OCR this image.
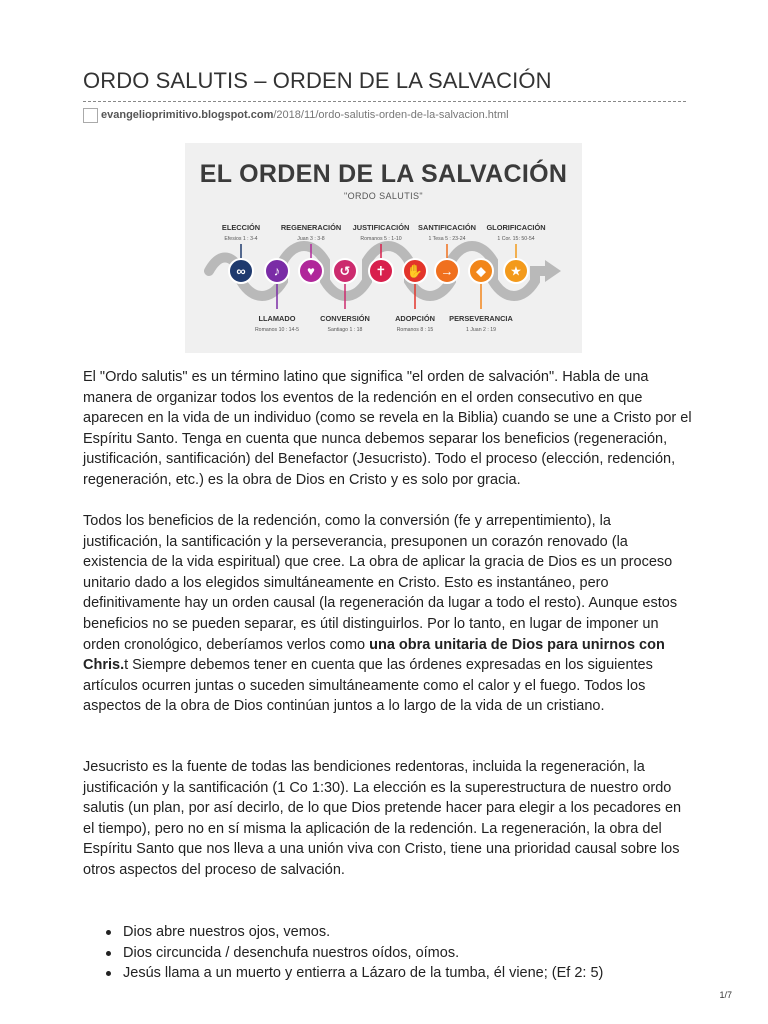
ORDO SALUTIS – ORDEN DE LA SALVACIÓN
evangelioprimitivo.blogspot.com /2018/11/ordo-salutis-orden-de-la-salvacion.html
EL ORDEN DE LA SALVACIÓN
"ORDO SALUTIS"
∞
ELECCIÓN
Efesios 1 : 3-4
♪
LLAMADO
Romanos 10 : 14-5
♥
REGENERACIÓN
Juan 3 : 3-8
↺
CONVERSIÓN
Santiago 1 : 18
✝
JUSTIFICACIÓN
Romanos 5 : 1-10
✋
ADOPCIÓN
Romanos 8 : 15
→
SANTIFICACIÓN
1 Tesa 5 : 23-24
◆
PERSEVERANCIA
1 Juan 2 : 19
★
GLORIFICACIÓN
1 Cor. 15: 50-54

El "Ordo salutis" es un término latino que significa "el orden de salvación". Habla de una manera de organizar todos los eventos de la redención en el orden consecutivo en que aparecen en la vida de un individuo (como se revela en la Biblia) cuando se une a Cristo por el Espíritu Santo. Tenga en cuenta que nunca debemos separar los beneficios (regeneración, justificación, santificación) del Benefactor (Jesucristo). Todo el proceso (elección, redención, regeneración, etc.) es la obra de Dios en Cristo y es solo por gracia.

Todos los beneficios de la redención, como la conversión (fe y arrepentimiento), la justificación, la santificación y la perseverancia, presuponen un corazón renovado (la existencia de la vida espiritual) que cree. La obra de aplicar la gracia de Dios es un proceso unitario dado a los elegidos simultáneamente en Cristo. Esto es instantáneo, pero definitivamente hay un orden causal (la regeneración da lugar a todo el resto). Aunque estos beneficios no se pueden separar, es útil distinguirlos. Por lo tanto, en lugar de imponer un orden cronológico, deberíamos verlos como una obra unitaria de Dios para unirnos con Chris.t Siempre debemos tener en cuenta que las órdenes expresadas en los siguientes artículos ocurren juntas o suceden simultáneamente como el calor y el fuego. Todos los aspectos de la obra de Dios continúan juntos a lo largo de la vida de un cristiano.

Jesucristo es la fuente de todas las bendiciones redentoras, incluida la regeneración, la justificación y la santificación (1 Co 1:30). La elección es la superestructura de nuestro ordo salutis (un plan, por así decirlo, de lo que Dios pretende hacer para elegir a los pecadores en el tiempo), pero no en sí misma la aplicación de la redención. La regeneración, la obra del Espíritu Santo que nos lleva a una unión viva con Cristo, tiene una prioridad causal sobre los otros aspectos del proceso de salvación.

Dios abre nuestros ojos, vemos.
Dios circuncida / desenchufa nuestros oídos, oímos.
Jesús llama a un muerto y entierra a Lázaro de la tumba, él viene; (Ef 2: 5)
1/7
